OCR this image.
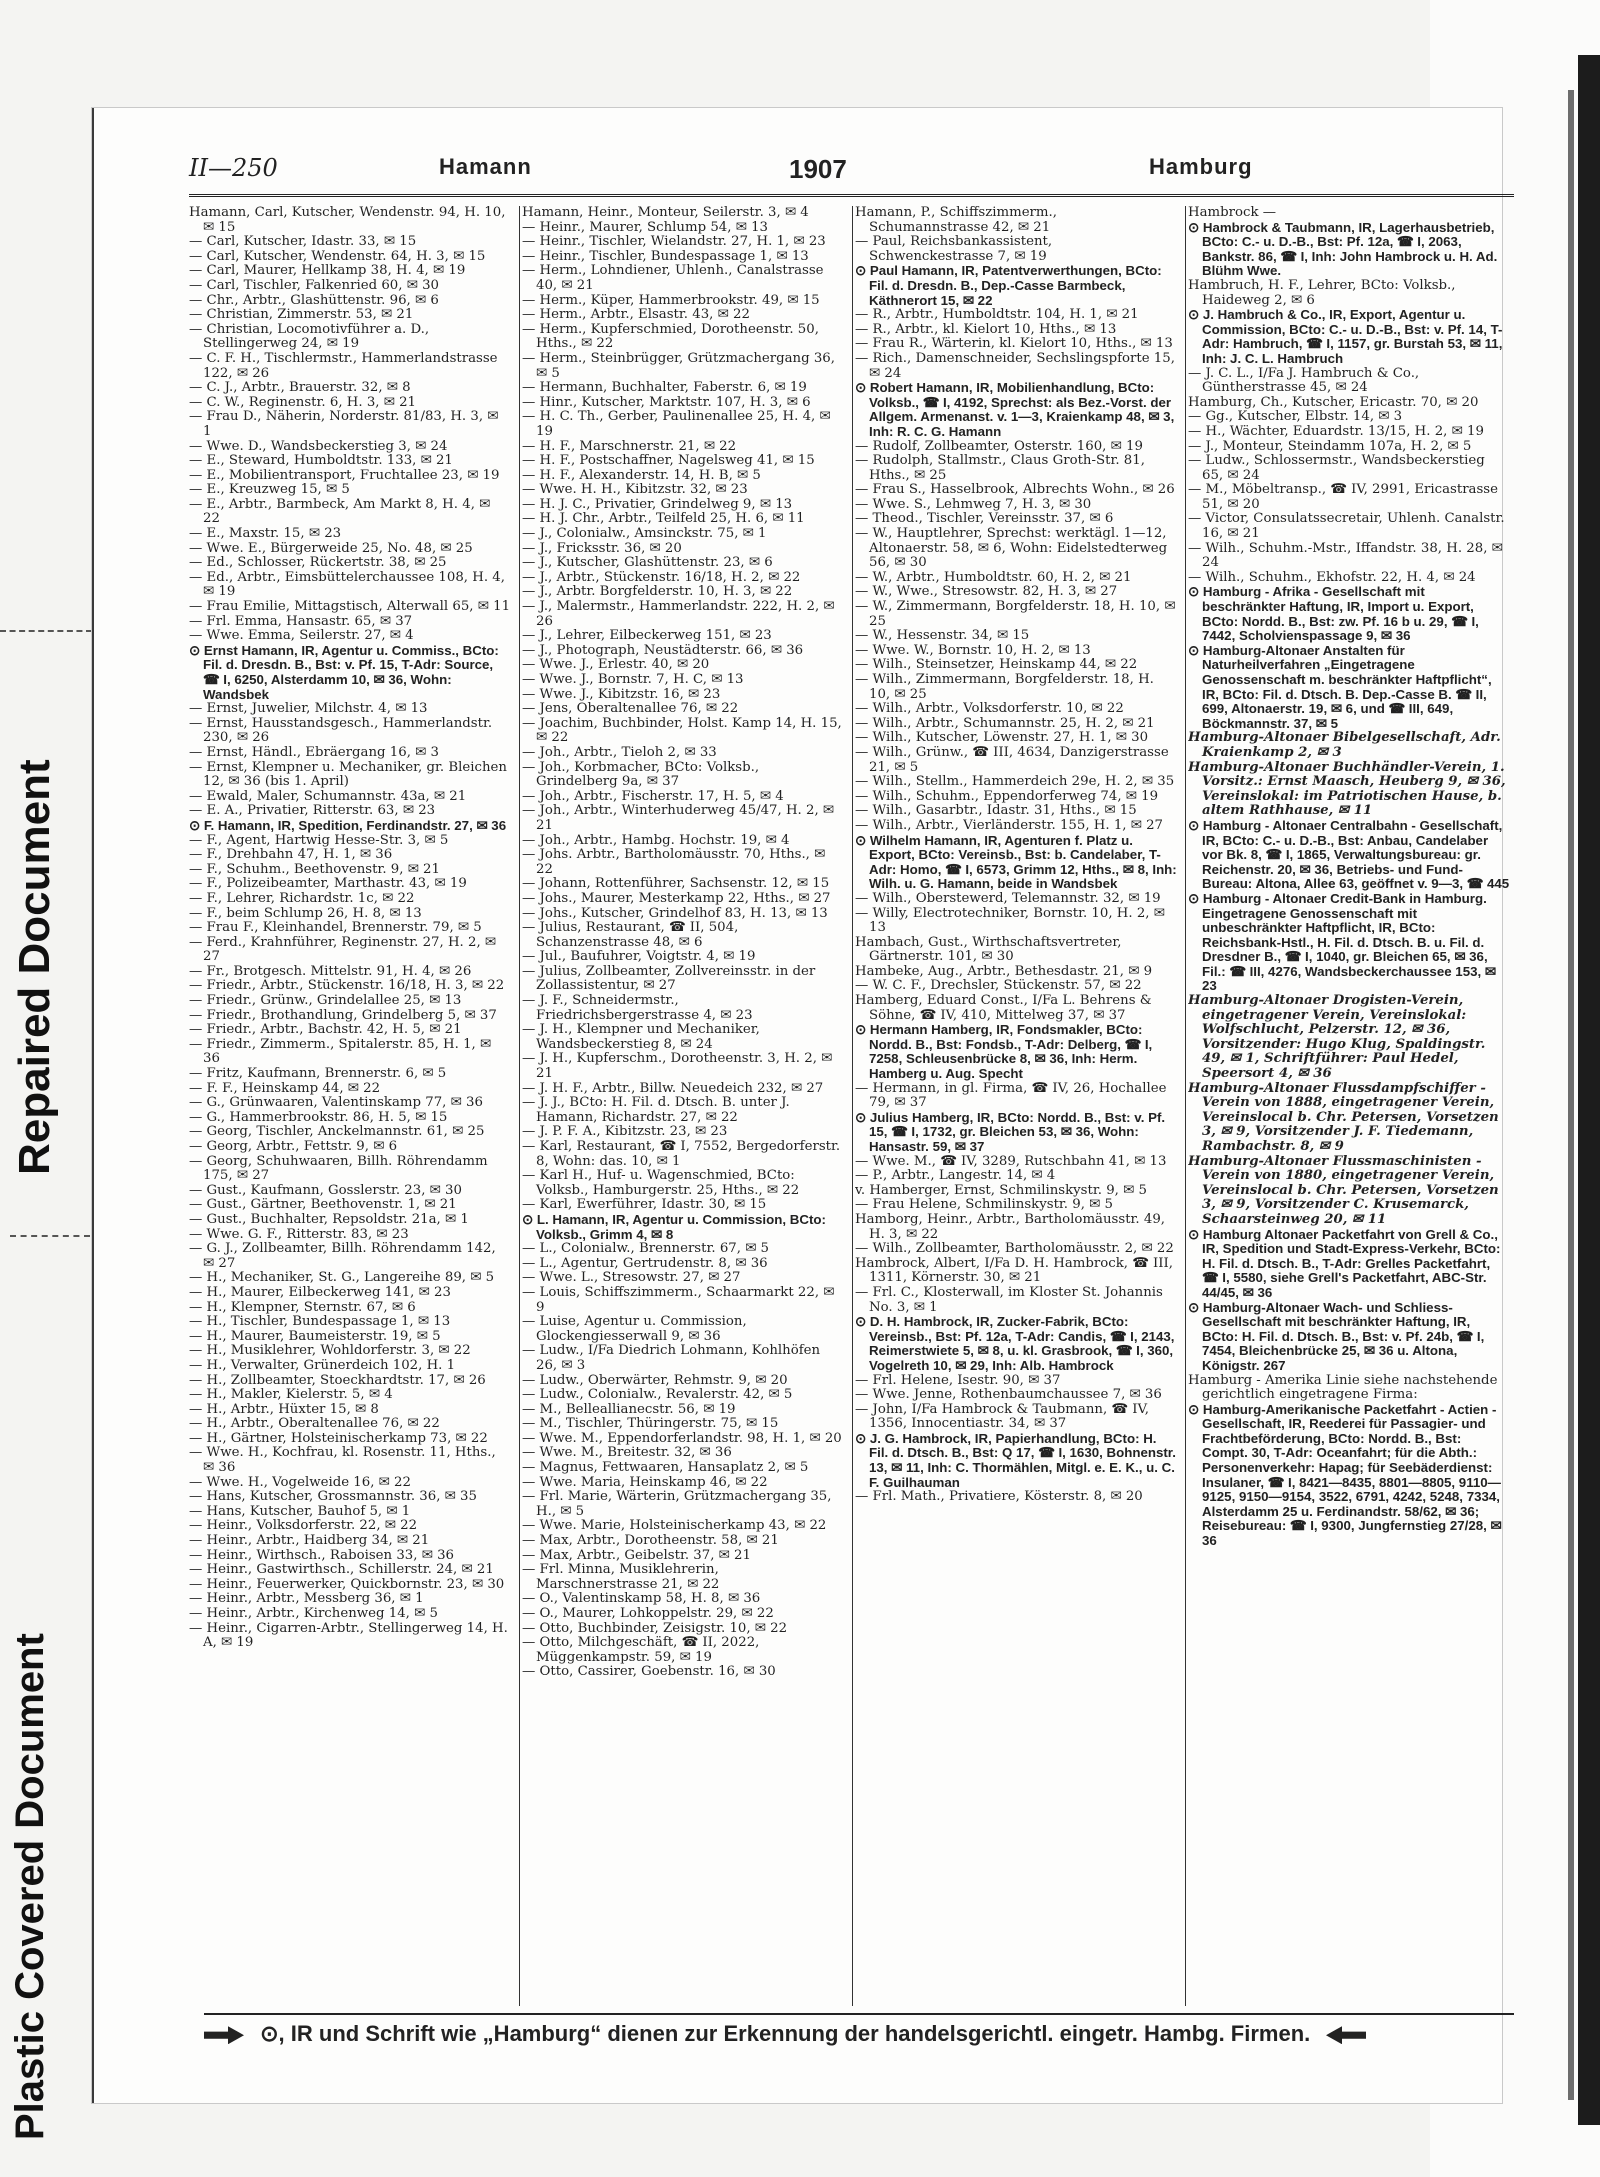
Repaired Document
Plastic Covered Document
II—250	Hamann	1907	Hamburg

Hamann, Carl, Kutscher, Wendenstr. 94, H. 10, ✉ 15

— Carl, Kutscher, Idastr. 33, ✉ 15

— Carl, Kutscher, Wendenstr. 64, H. 3, ✉ 15

— Carl, Maurer, Hellkamp 38, H. 4, ✉ 19

— Carl, Tischler, Falkenried 60, ✉ 30

— Chr., Arbtr., Glashüttenstr. 96, ✉ 6

— Christian, Zimmerstr. 53, ✉ 21

— Christian, Locomotivführer a. D., Stellingerweg 24, ✉ 19

— C. F. H., Tischlermstr., Hammerlandstrasse 122, ✉ 26

— C. J., Arbtr., Brauerstr. 32, ✉ 8

— C. W., Reginenstr. 6, H. 3, ✉ 21

— Frau D., Näherin, Norderstr. 81/83, H. 3, ✉ 1

— Wwe. D., Wandsbeckerstieg 3, ✉ 24

— E., Steward, Humboldtstr. 133, ✉ 21

— E., Mobilientransport, Fruchtallee 23, ✉ 19

— E., Kreuzweg 15, ✉ 5

— E., Arbtr., Barmbeck, Am Markt 8, H. 4, ✉ 22

— E., Maxstr. 15, ✉ 23

— Wwe. E., Bürgerweide 25, No. 48, ✉ 25

— Ed., Schlosser, Rückertstr. 38, ✉ 25

— Ed., Arbtr., Eimsbüttelerchaussee 108, H. 4, ✉ 19

— Frau Emilie, Mittagstisch, Alterwall 65, ✉ 11

— Frl. Emma, Hansastr. 65, ✉ 37

— Wwe. Emma, Seilerstr. 27, ✉ 4

⊙ Ernst Hamann, IR, Agentur u. Commiss., BCto: Fil. d. Dresdn. B., Bst: v. Pf. 15, T-Adr: Source, ☎ I, 6250, Alsterdamm 10, ✉ 36, Wohn: Wandsbek

— Ernst, Juwelier, Milchstr. 4, ✉ 13

— Ernst, Hausstandsgesch., Hammerlandstr. 230, ✉ 26

— Ernst, Händl., Ebräergang 16, ✉ 3

— Ernst, Klempner u. Mechaniker, gr. Bleichen 12, ✉ 36 (bis 1. April)

— Ewald, Maler, Schumannstr. 43a, ✉ 21

— E. A., Privatier, Ritterstr. 63, ✉ 23

⊙ F. Hamann, IR, Spedition, Ferdinandstr. 27, ✉ 36

— F., Agent, Hartwig Hesse-Str. 3, ✉ 5

— F., Drehbahn 47, H. 1, ✉ 36

— F., Schuhm., Beethovenstr. 9, ✉ 21

— F., Polizeibeamter, Marthastr. 43, ✉ 19

— F., Lehrer, Richardstr. 1c, ✉ 22

— F., beim Schlump 26, H. 8, ✉ 13

— Frau F., Kleinhandel, Brennerstr. 79, ✉ 5

— Ferd., Krahnführer, Reginenstr. 27, H. 2, ✉ 27

— Fr., Brotgesch. Mittelstr. 91, H. 4, ✉ 26

— Friedr., Arbtr., Stückenstr. 16/18, H. 3, ✉ 22

— Friedr., Grünw., Grindelallee 25, ✉ 13

— Friedr., Brothandlung, Grindelberg 5, ✉ 37

— Friedr., Arbtr., Bachstr. 42, H. 5, ✉ 21

— Friedr., Zimmerm., Spitalerstr. 85, H. 1, ✉ 36

— Fritz, Kaufmann, Brennerstr. 6, ✉ 5

— F. F., Heinskamp 44, ✉ 22

— G., Grünwaaren, Valentinskamp 77, ✉ 36

— G., Hammerbrookstr. 86, H. 5, ✉ 15

— Georg, Tischler, Anckelmannstr. 61, ✉ 25

— Georg, Arbtr., Fettstr. 9, ✉ 6

— Georg, Schuhwaaren, Billh. Röhrendamm 175, ✉ 27

— Gust., Kaufmann, Gosslerstr. 23, ✉ 30

— Gust., Gärtner, Beethovenstr. 1, ✉ 21

— Gust., Buchhalter, Repsoldstr. 21a, ✉ 1

— Wwe. G. F., Ritterstr. 83, ✉ 23

— G. J., Zollbeamter, Billh. Röhrendamm 142, ✉ 27

— H., Mechaniker, St. G., Langereihe 89, ✉ 5

— H., Maurer, Eilbeckerweg 141, ✉ 23

— H., Klempner, Sternstr. 67, ✉ 6

— H., Tischler, Bundespassage 1, ✉ 13

— H., Maurer, Baumeisterstr. 19, ✉ 5

— H., Musiklehrer, Wohldorferstr. 3, ✉ 22

— H., Verwalter, Grünerdeich 102, H. 1

— H., Zollbeamter, Stoeckhardtstr. 17, ✉ 26

— H., Makler, Kielerstr. 5, ✉ 4

— H., Arbtr., Hüxter 15, ✉ 8

— H., Arbtr., Oberaltenallee 76, ✉ 22

— H., Gärtner, Holsteinischerkamp 73, ✉ 22

— Wwe. H., Kochfrau, kl. Rosenstr. 11, Hths., ✉ 36

— Wwe. H., Vogelweide 16, ✉ 22

— Hans, Kutscher, Grossmannstr. 36, ✉ 35

— Hans, Kutscher, Bauhof 5, ✉ 1

— Heinr., Volksdorferstr. 22, ✉ 22

— Heinr., Arbtr., Haidberg 34, ✉ 21

— Heinr., Wirthsch., Raboisen 33, ✉ 36

— Heinr., Gastwirthsch., Schillerstr. 24, ✉ 21

— Heinr., Feuerwerker, Quickbornstr. 23, ✉ 30

— Heinr., Arbtr., Messberg 36, ✉ 1

— Heinr., Arbtr., Kirchenweg 14, ✉ 5

— Heinr., Cigarren-Arbtr., Stellingerweg 14, H. A, ✉ 19

Hamann, Heinr., Monteur, Seilerstr. 3, ✉ 4

— Heinr., Maurer, Schlump 54, ✉ 13

— Heinr., Tischler, Wielandstr. 27, H. 1, ✉ 23

— Heinr., Tischler, Bundespassage 1, ✉ 13

— Herm., Lohndiener, Uhlenh., Canalstrasse 40, ✉ 21

— Herm., Küper, Hammerbrookstr. 49, ✉ 15

— Herm., Arbtr., Elsastr. 43, ✉ 22

— Herm., Kupferschmied, Dorotheenstr. 50, Hths., ✉ 22

— Herm., Steinbrügger, Grützmachergang 36, ✉ 5

— Hermann, Buchhalter, Faberstr. 6, ✉ 19

— Hinr., Kutscher, Marktstr. 107, H. 3, ✉ 6

— H. C. Th., Gerber, Paulinenallee 25, H. 4, ✉ 19

— H. F., Marschnerstr. 21, ✉ 22

— H. F., Postschaffner, Nagelsweg 41, ✉ 15

— H. F., Alexanderstr. 14, H. B, ✉ 5

— Wwe. H. H., Kibitzstr. 32, ✉ 23

— H. J. C., Privatier, Grindelweg 9, ✉ 13

— H. J. Chr., Arbtr., Teilfeld 25, H. 6, ✉ 11

— J., Colonialw., Amsinckstr. 75, ✉ 1

— J., Fricksstr. 36, ✉ 20

— J., Kutscher, Glashüttenstr. 23, ✉ 6

— J., Arbtr., Stückenstr. 16/18, H. 2, ✉ 22

— J., Arbtr. Borgfelderstr. 10, H. 3, ✉ 22

— J., Malermstr., Hammerlandstr. 222, H. 2, ✉ 26

— J., Lehrer, Eilbeckerweg 151, ✉ 23

— J., Photograph, Neustädterstr. 66, ✉ 36

— Wwe. J., Erlestr. 40, ✉ 20

— Wwe. J., Bornstr. 7, H. C, ✉ 13

— Wwe. J., Kibitzstr. 16, ✉ 23

— Jens, Oberaltenallee 76, ✉ 22

— Joachim, Buchbinder, Holst. Kamp 14, H. 15, ✉ 22

— Joh., Arbtr., Tieloh 2, ✉ 33

— Joh., Korbmacher, BCto: Volksb., Grindelberg 9a, ✉ 37

— Joh., Arbtr., Fischerstr. 17, H. 5, ✉ 4

— Joh., Arbtr., Winterhuderweg 45/47, H. 2, ✉ 21

— Joh., Arbtr., Hambg. Hochstr. 19, ✉ 4

— Johs. Arbtr., Bartholomäusstr. 70, Hths., ✉ 22

— Johann, Rottenführer, Sachsenstr. 12, ✉ 15

— Johs., Maurer, Mesterkamp 22, Hths., ✉ 27

— Johs., Kutscher, Grindelhof 83, H. 13, ✉ 13

— Julius, Restaurant, ☎ II, 504, Schanzenstrasse 48, ✉ 6

— Jul., Baufuhrer, Voigtstr. 4, ✉ 19

— Julius, Zollbeamter, Zollvereinsstr. in der Zollassistentur, ✉ 27

— J. F., Schneidermstr., Friedrichsbergerstrasse 4, ✉ 23

— J. H., Klempner und Mechaniker, Wandsbeckerstieg 8, ✉ 24

— J. H., Kupferschm., Dorotheenstr. 3, H. 2, ✉ 21

— J. H. F., Arbtr., Billw. Neuedeich 232, ✉ 27

— J. J., BCto: H. Fil. d. Dtsch. B. unter J. Hamann, Richardstr. 27, ✉ 22

— J. P. F. A., Kibitzstr. 23, ✉ 23

— Karl, Restaurant, ☎ I, 7552, Bergedorferstr. 8, Wohn: das. 10, ✉ 1

— Karl H., Huf- u. Wagenschmied, BCto: Volksb., Hamburgerstr. 25, Hths., ✉ 22

— Karl, Ewerführer, Idastr. 30, ✉ 15

⊙ L. Hamann, IR, Agentur u. Commission, BCto: Volksb., Grimm 4, ✉ 8

— L., Colonialw., Brennerstr. 67, ✉ 5

— L., Agentur, Gertrudenstr. 8, ✉ 36

— Wwe. L., Stresowstr. 27, ✉ 27

— Louis, Schiffszimmerm., Schaarmarkt 22, ✉ 9

— Luise, Agentur u. Commission, Glockengiesserwall 9, ✉ 36

— Ludw., I/Fa Diedrich Lohmann, Kohlhöfen 26, ✉ 3

— Ludw., Oberwärter, Rehmstr. 9, ✉ 20

— Ludw., Colonialw., Revalerstr. 42, ✉ 5

— M., Belleallianecstr. 56, ✉ 19

— M., Tischler, Thüringerstr. 75, ✉ 15

— Wwe. M., Eppendorferlandstr. 98, H. 1, ✉ 20

— Wwe. M., Breitestr. 32, ✉ 36

— Magnus, Fettwaaren, Hansaplatz 2, ✉ 5

— Wwe. Maria, Heinskamp 46, ✉ 22

— Frl. Marie, Wärterin, Grützmachergang 35, H., ✉ 5

— Wwe. Marie, Holsteinischerkamp 43, ✉ 22

— Max, Arbtr., Dorotheenstr. 58, ✉ 21

— Max, Arbtr., Geibelstr. 37, ✉ 21

— Frl. Minna, Musiklehrerin, Marschnerstrasse 21, ✉ 22

— O., Valentinskamp 58, H. 8, ✉ 36

— O., Maurer, Lohkoppelstr. 29, ✉ 22

— Otto, Buchbinder, Zeisigstr. 10, ✉ 22

— Otto, Milchgeschäft, ☎ II, 2022, Müggenkampstr. 59, ✉ 19

— Otto, Cassirer, Goebenstr. 16, ✉ 30

Hamann, P., Schiffszimmerm., Schumannstrasse 42, ✉ 21

— Paul, Reichsbankassistent, Schwenckestrasse 7, ✉ 19

⊙ Paul Hamann, IR, Patentverwerthungen, BCto: Fil. d. Dresdn. B., Dep.-Casse Barmbeck, Käthnerort 15, ✉ 22

— R., Arbtr., Humboldtstr. 104, H. 1, ✉ 21

— R., Arbtr., kl. Kielort 10, Hths., ✉ 13

— Frau R., Wärterin, kl. Kielort 10, Hths., ✉ 13

— Rich., Damenschneider, Sechslingspforte 15, ✉ 24

⊙ Robert Hamann, IR, Mobilienhandlung, BCto: Volksb., ☎ I, 4192, Sprechst: als Bez.-Vorst. der Allgem. Armenanst. v. 1—3, Kraienkamp 48, ✉ 3, Inh: R. C. G. Hamann

— Rudolf, Zollbeamter, Osterstr. 160, ✉ 19

— Rudolph, Stallmstr., Claus Groth-Str. 81, Hths., ✉ 25

— Frau S., Hasselbrook, Albrechts Wohn., ✉ 26

— Wwe. S., Lehmweg 7, H. 3, ✉ 30

— Theod., Tischler, Vereinsstr. 37, ✉ 6

— W., Hauptlehrer, Sprechst: werktägl. 1—12, Altonaerstr. 58, ✉ 6, Wohn: Eidelstedterweg 56, ✉ 30

— W., Arbtr., Humboldtstr. 60, H. 2, ✉ 21

— W., Wwe., Stresowstr. 82, H. 3, ✉ 27

— W., Zimmermann, Borgfelderstr. 18, H. 10, ✉ 25

— W., Hessenstr. 34, ✉ 15

— Wwe. W., Bornstr. 10, H. 2, ✉ 13

— Wilh., Steinsetzer, Heinskamp 44, ✉ 22

— Wilh., Zimmermann, Borgfelderstr. 18, H. 10, ✉ 25

— Wilh., Arbtr., Volksdorferstr. 10, ✉ 22

— Wilh., Arbtr., Schumannstr. 25, H. 2, ✉ 21

— Wilh., Kutscher, Löwenstr. 27, H. 1, ✉ 30

— Wilh., Grünw., ☎ III, 4634, Danzigerstrasse 21, ✉ 5

— Wilh., Stellm., Hammerdeich 29e, H. 2, ✉ 35

— Wilh., Schuhm., Eppendorferweg 74, ✉ 19

— Wilh., Gasarbtr., Idastr. 31, Hths., ✉ 15

— Wilh., Arbtr., Vierländerstr. 155, H. 1, ✉ 27

⊙ Wilhelm Hamann, IR, Agenturen f. Platz u. Export, BCto: Vereinsb., Bst: b. Candelaber, T-Adr: Homo, ☎ I, 6573, Grimm 12, Hths., ✉ 8, Inh: Wilh. u. G. Hamann, beide in Wandsbek

— Wilh., Oberstewerd, Telemannstr. 32, ✉ 19

— Willy, Electrotechniker, Bornstr. 10, H. 2, ✉ 13

Hambach, Gust., Wirthschaftsvertreter, Gärtnerstr. 101, ✉ 30

Hambeke, Aug., Arbtr., Bethesdastr. 21, ✉ 9

— W. C. F., Drechsler, Stückenstr. 57, ✉ 22

Hamberg, Eduard Const., I/Fa L. Behrens & Söhne, ☎ IV, 410, Mittelweg 37, ✉ 37

⊙ Hermann Hamberg, IR, Fondsmakler, BCto: Nordd. B., Bst: Fondsb., T-Adr: Delberg, ☎ I, 7258, Schleusenbrücke 8, ✉ 36, Inh: Herm. Hamberg u. Aug. Specht

— Hermann, in gl. Firma, ☎ IV, 26, Hochallee 79, ✉ 37

⊙ Julius Hamberg, IR, BCto: Nordd. B., Bst: v. Pf. 15, ☎ I, 1732, gr. Bleichen 53, ✉ 36, Wohn: Hansastr. 59, ✉ 37

— Wwe. M., ☎ IV, 3289, Rutschbahn 41, ✉ 13

— P., Arbtr., Langestr. 14, ✉ 4

v. Hamberger, Ernst, Schmilinskystr. 9, ✉ 5

— Frau Helene, Schmilinskystr. 9, ✉ 5

Hamborg, Heinr., Arbtr., Bartholomäusstr. 49, H. 3, ✉ 22

— Wilh., Zollbeamter, Bartholomäusstr. 2, ✉ 22

Hambrock, Albert, I/Fa D. H. Hambrock, ☎ III, 1311, Körnerstr. 30, ✉ 21

— Frl. C., Klosterwall, im Kloster St. Johannis No. 3, ✉ 1

⊙ D. H. Hambrock, IR, Zucker-Fabrik, BCto: Vereinsb., Bst: Pf. 12a, T-Adr: Candis, ☎ I, 2143, Reimerstwiete 5, ✉ 8, u. kl. Grasbrook, ☎ I, 360, Vogelreth 10, ✉ 29, Inh: Alb. Hambrock

— Frl. Helene, Isestr. 90, ✉ 37

— Wwe. Jenne, Rothenbaumchaussee 7, ✉ 36

— John, I/Fa Hambrock & Taubmann, ☎ IV, 1356, Innocentiastr. 34, ✉ 37

⊙ J. G. Hambrock, IR, Papierhandlung, BCto: H. Fil. d. Dtsch. B., Bst: Q 17, ☎ I, 1630, Bohnenstr. 13, ✉ 11, Inh: C. Thormählen, Mitgl. e. E. K., u. C. F. Guilhauman

— Frl. Math., Privatiere, Kösterstr. 8, ✉ 20

Hambrock —

⊙ Hambrock & Taubmann, IR, Lagerhausbetrieb, BCto: C.- u. D.-B., Bst: Pf. 12a, ☎ I, 2063, Bankstr. 86, ☎ I, Inh: John Hambrock u. H. Ad. Blühm Wwe.

Hambruch, H. F., Lehrer, BCto: Volksb., Haideweg 2, ✉ 6

⊙ J. Hambruch & Co., IR, Export, Agentur u. Commission, BCto: C.- u. D.-B., Bst: v. Pf. 14, T-Adr: Hambruch, ☎ I, 1157, gr. Burstah 53, ✉ 11, Inh: J. C. L. Hambruch

— J. C. L., I/Fa J. Hambruch & Co., Güntherstrasse 45, ✉ 24

Hamburg, Ch., Kutscher, Ericastr. 70, ✉ 20

— Gg., Kutscher, Elbstr. 14, ✉ 3

— H., Wächter, Eduardstr. 13/15, H. 2, ✉ 19

— J., Monteur, Steindamm 107a, H. 2, ✉ 5

— Ludw., Schlossermstr., Wandsbeckerstieg 65, ✉ 24

— M., Möbeltransp., ☎ IV, 2991, Ericastrasse 51, ✉ 20

— Victor, Consulatssecretair, Uhlenh. Canalstr. 16, ✉ 21

— Wilh., Schuhm.-Mstr., Iffandstr. 38, H. 28, ✉ 24

— Wilh., Schuhm., Ekhofstr. 22, H. 4, ✉ 24

⊙ Hamburg - Afrika - Gesellschaft mit beschränkter Haftung, IR, Import u. Export, BCto: Nordd. B., Bst: zw. Pf. 16 b u. 29, ☎ I, 7442, Scholvienspassage 9, ✉ 36

⊙ Hamburg-Altonaer Anstalten für Naturheilverfahren „Eingetragene Genossenschaft m. beschränkter Haftpflicht“, IR, BCto: Fil. d. Dtsch. B. Dep.-Casse B. ☎ II, 699, Altonaerstr. 19, ✉ 6, und ☎ III, 649, Böckmannstr. 37, ✉ 5

Hamburg-Altonaer Bibelgesellschaft, Adr. Kraienkamp 2, ✉ 3

Hamburg-Altonaer Buchhändler-Verein, 1. Vorsitz.: Ernst Maasch, Heuberg 9, ✉ 36, Vereinslokal: im Patriotischen Hause, b. altem Rathhause, ✉ 11

⊙ Hamburg - Altonaer Centralbahn - Gesellschaft, IR, BCto: C.- u. D.-B., Bst: Anbau, Candelaber vor Bk. 8, ☎ I, 1865, Verwaltungsbureau: gr. Reichenstr. 20, ✉ 36, Betriebs- und Fund-Bureau: Altona, Allee 63, geöffnet v. 9—3, ☎ 445

⊙ Hamburg - Altonaer Credit-Bank in Hamburg. Eingetragene Genossenschaft mit unbeschränkter Haftpflicht, IR, BCto: Reichsbank-Hstl., H. Fil. d. Dtsch. B. u. Fil. d. Dresdner B., ☎ I, 1040, gr. Bleichen 65, ✉ 36, Fil.: ☎ III, 4276, Wandsbeckerchaussee 153, ✉ 23

Hamburg-Altonaer Drogisten-Verein, eingetragener Verein, Vereinslokal: Wolfschlucht, Pelzerstr. 12, ✉ 36, Vorsitzender: Hugo Klug, Spaldingstr. 49, ✉ 1, Schriftführer: Paul Hedel, Speersort 4, ✉ 36

Hamburg-Altonaer Flussdampfschiffer - Verein von 1888, eingetragener Verein, Vereinslocal b. Chr. Petersen, Vorsetzen 3, ✉ 9, Vorsitzender J. F. Tiedemann, Rambachstr. 8, ✉ 9

Hamburg-Altonaer Flussmaschinisten - Verein von 1880, eingetragener Verein, Vereinslocal b. Chr. Petersen, Vorsetzen 3, ✉ 9, Vorsitzender C. Krusemarck, Schaarsteinweg 20, ✉ 11

⊙ Hamburg Altonaer Packetfahrt von Grell & Co., IR, Spedition und Stadt-Express-Verkehr, BCto: H. Fil. d. Dtsch. B., T-Adr: Grelles Packetfahrt, ☎ I, 5580, siehe Grell's Packetfahrt, ABC-Str. 44/45, ✉ 36

⊙ Hamburg-Altonaer Wach- und Schliess-Gesellschaft mit beschränkter Haftung, IR, BCto: H. Fil. d. Dtsch. B., Bst: v. Pf. 24b, ☎ I, 7454, Bleichenbrücke 25, ✉ 36 u. Altona, Königstr. 267

Hamburg - Amerika Linie siehe nachstehende gerichtlich eingetragene Firma:

⊙ Hamburg-Amerikanische Packetfahrt - Actien - Gesellschaft, IR, Reederei für Passagier- und Frachtbeförderung, BCto: Nordd. B., Bst: Compt. 30, T-Adr: Oceanfahrt; für die Abth.: Personenverkehr: Hapag; für Seebäderdienst: Insulaner, ☎ I, 8421—8435, 8801—8805, 9110—9125, 9150—9154, 3522, 6791, 4242, 5248, 7334, Alsterdamm 25 u. Ferdinandstr. 58/62, ✉ 36; Reisebureau: ☎ I, 9300, Jungfernstieg 27/28, ✉ 36

⊙, IR und Schrift wie „Hamburg“ dienen zur Erkennung der handelsgerichtl. eingetr. Hambg. Firmen.
